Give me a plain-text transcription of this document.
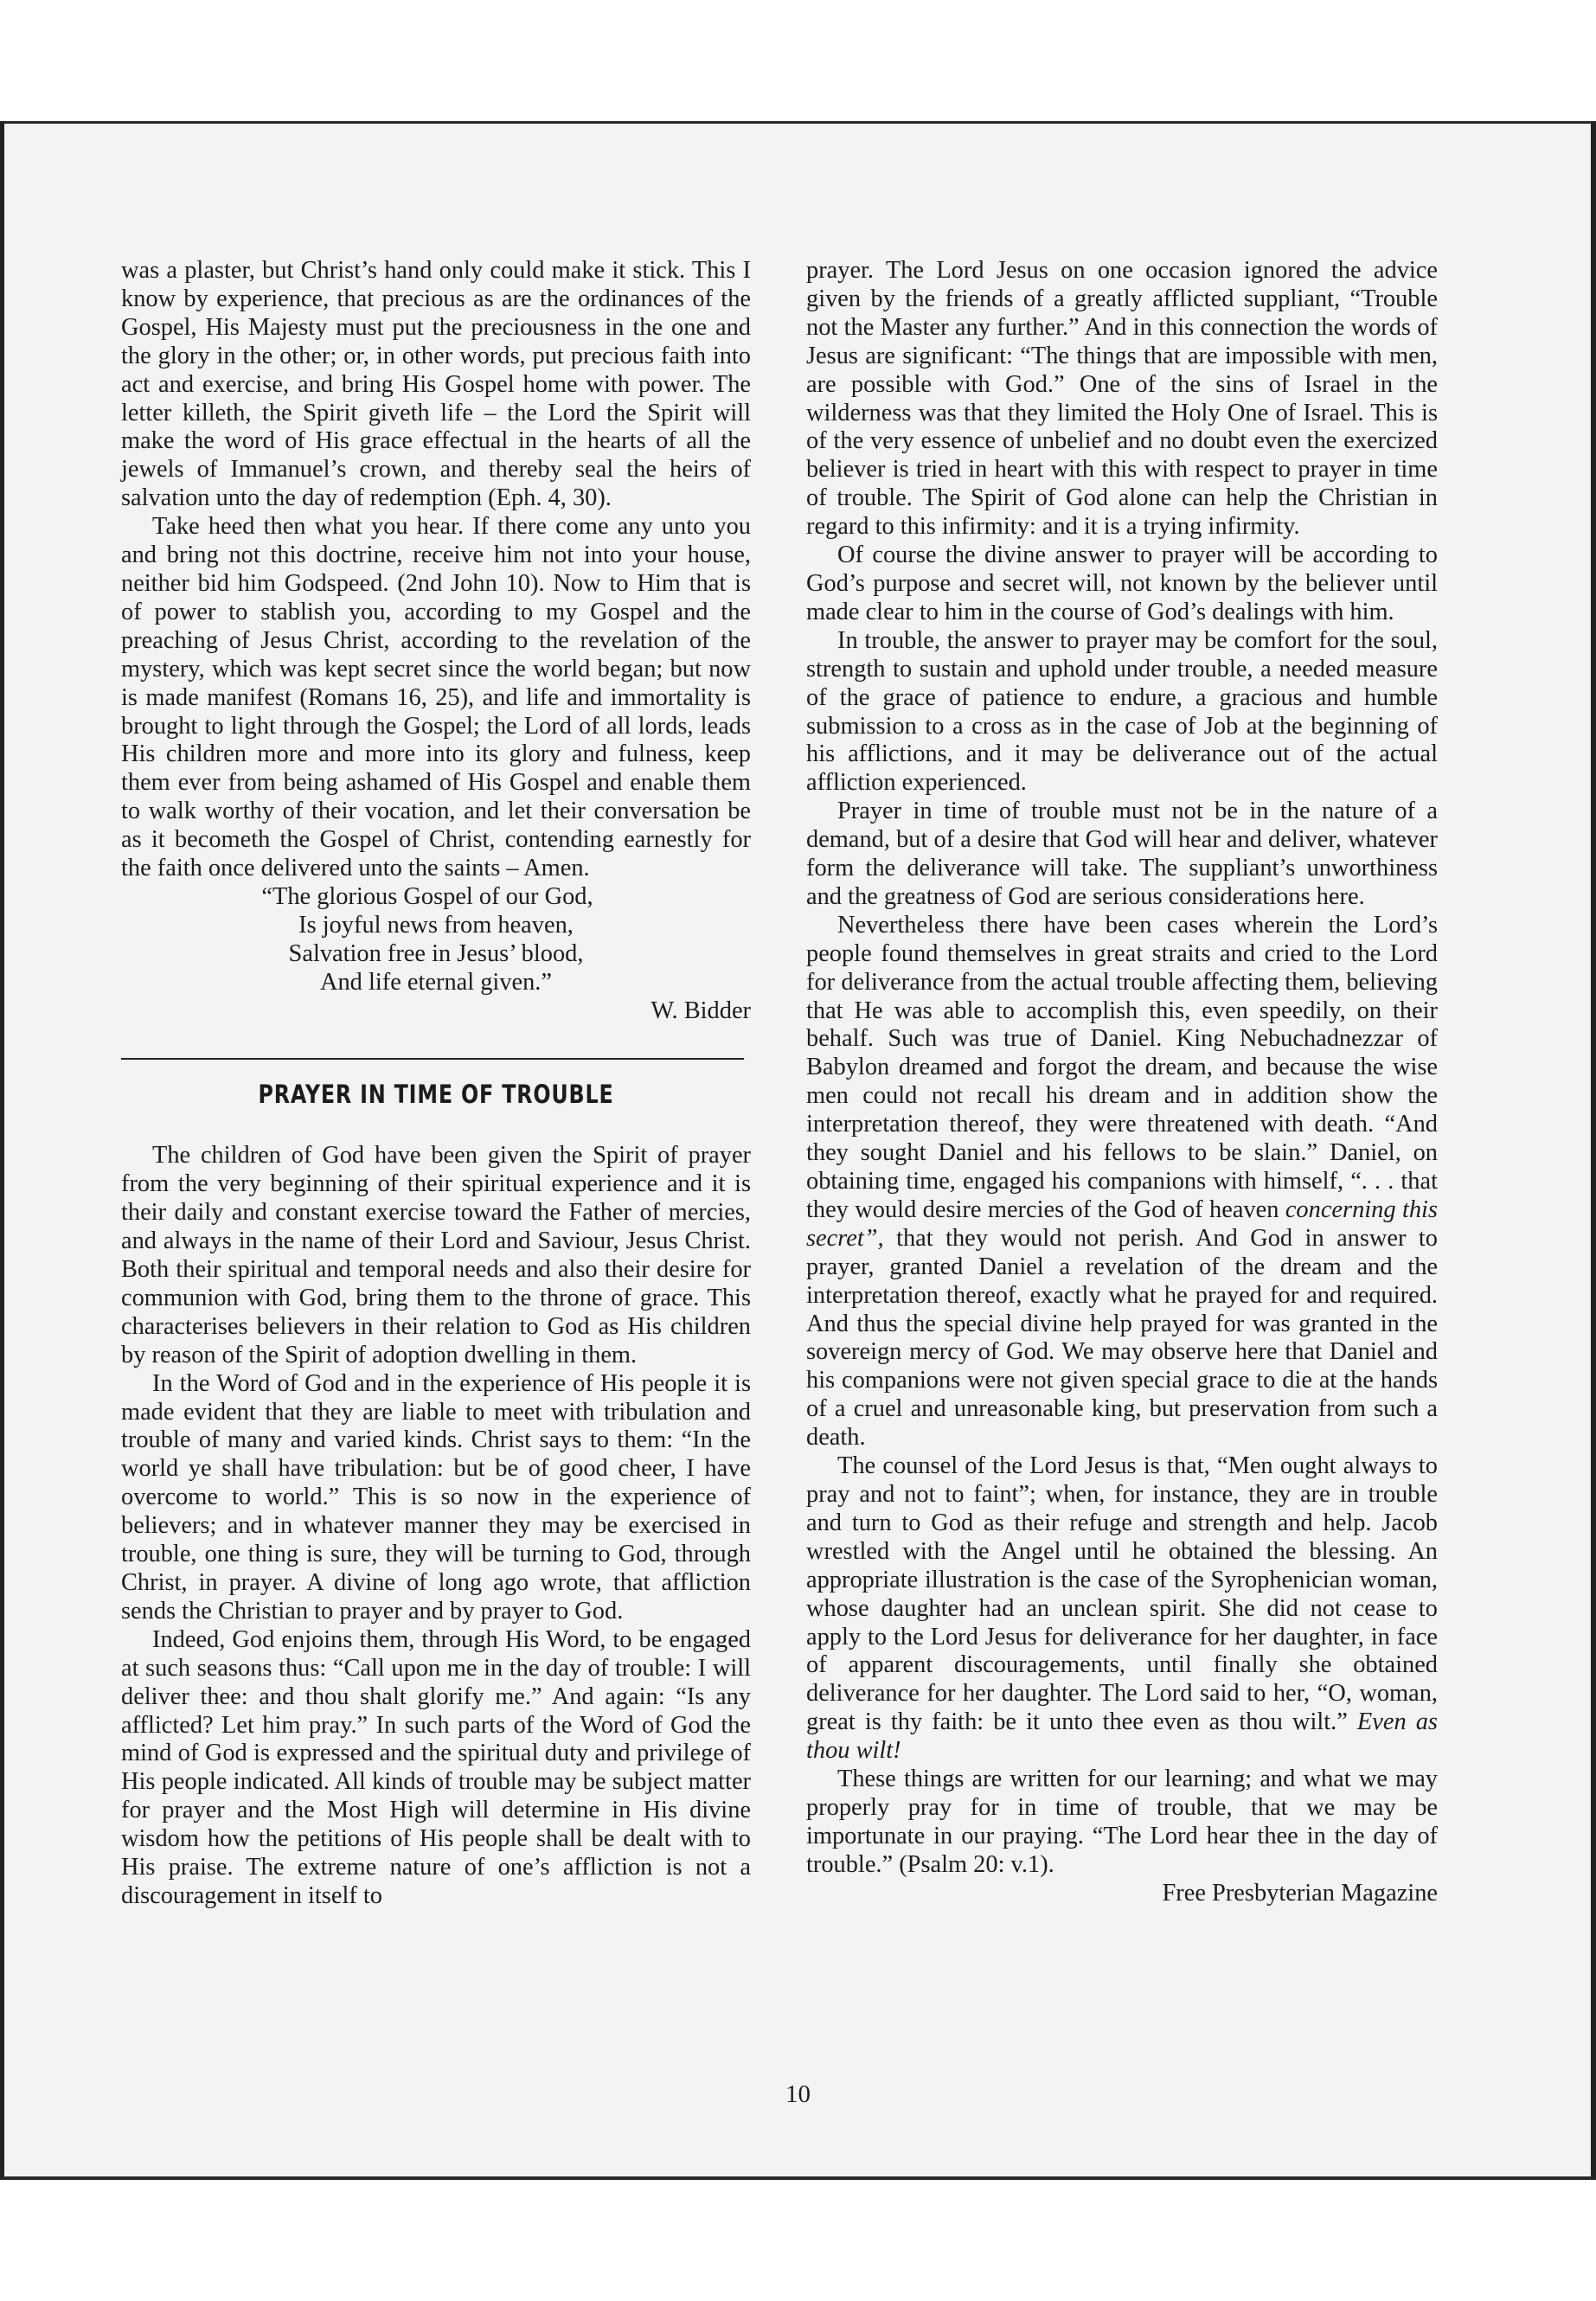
was a plaster, but Christ’s hand only could make it stick. This I know by experience, that precious as are the ordinances of the Gospel, His Majesty must put the preciousness in the one and the glory in the other; or, in other words, put precious faith into act and exercise, and bring His Gospel home with power. The letter killeth, the Spirit giveth life – the Lord the Spirit will make the word of His grace effectual in the hearts of all the jewels of Immanuel’s crown, and thereby seal the heirs of salvation unto the day of redemption (Eph. 4, 30).

Take heed then what you hear. If there come any unto you and bring not this doctrine, receive him not into your house, neither bid him Godspeed. (2nd John 10). Now to Him that is of power to stablish you, according to my Gospel and the preaching of Jesus Christ, according to the revelation of the mystery, which was kept secret since the world began; but now is made manifest (Romans 16, 25), and life and immortality is brought to light through the Gospel; the Lord of all lords, leads His children more and more into its glory and fulness, keep them ever from being ashamed of His Gospel and enable them to walk worthy of their vocation, and let their conversation be as it becometh the Gospel of Christ, contending earnestly for the faith once delivered unto the saints – Amen.

“The glorious Gospel of our God,
Is joyful news from heaven,
Salvation free in Jesus’ blood,
And life eternal given.”

W. Bidder

PRAYER IN TIME OF TROUBLE

The children of God have been given the Spirit of prayer from the very beginning of their spiritual experience and it is their daily and constant exercise toward the Father of mercies, and always in the name of their Lord and Saviour, Jesus Christ. Both their spiritual and temporal needs and also their desire for communion with God, bring them to the throne of grace. This characterises believers in their relation to God as His children by reason of the Spirit of adoption dwelling in them.

In the Word of God and in the experience of His people it is made evident that they are liable to meet with tribulation and trouble of many and varied kinds. Christ says to them: “In the world ye shall have tribulation: but be of good cheer, I have overcome to world.” This is so now in the experience of believers; and in whatever manner they may be exercised in trouble, one thing is sure, they will be turning to God, through Christ, in prayer. A divine of long ago wrote, that affliction sends the Christian to prayer and by prayer to God.

Indeed, God enjoins them, through His Word, to be engaged at such seasons thus: “Call upon me in the day of trouble: I will deliver thee: and thou shalt glorify me.” And again: “Is any afflicted? Let him pray.” In such parts of the Word of God the mind of God is expressed and the spiritual duty and privilege of His people indicated. All kinds of trouble may be subject matter for prayer and the Most High will determine in His divine wisdom how the petitions of His people shall be dealt with to His praise. The extreme nature of one’s affliction is not a discouragement in itself to

prayer. The Lord Jesus on one occasion ignored the advice given by the friends of a greatly afflicted suppliant, “Trouble not the Master any further.” And in this connection the words of Jesus are significant: “The things that are impossible with men, are possible with God.” One of the sins of Israel in the wilderness was that they limited the Holy One of Israel. This is of the very essence of unbelief and no doubt even the exercized believer is tried in heart with this with respect to prayer in time of trouble. The Spirit of God alone can help the Christian in regard to this infirmity: and it is a trying infirmity.

Of course the divine answer to prayer will be according to God’s purpose and secret will, not known by the believer until made clear to him in the course of God’s dealings with him.

In trouble, the answer to prayer may be comfort for the soul, strength to sustain and uphold under trouble, a needed measure of the grace of patience to endure, a gracious and humble submission to a cross as in the case of Job at the beginning of his afflictions, and it may be deliverance out of the actual affliction experienced.

Prayer in time of trouble must not be in the nature of a demand, but of a desire that God will hear and deliver, whatever form the deliverance will take. The suppliant’s unworthiness and the greatness of God are serious considerations here.

Nevertheless there have been cases wherein the Lord’s people found themselves in great straits and cried to the Lord for deliverance from the actual trouble affecting them, believing that He was able to accomplish this, even speedily, on their behalf. Such was true of Daniel. King Nebuchadnezzar of Babylon dreamed and forgot the dream, and because the wise men could not recall his dream and in addition show the interpretation thereof, they were threatened with death. “And they sought Daniel and his fellows to be slain.” Daniel, on obtaining time, engaged his companions with himself, “. . . that they would desire mercies of the God of heaven concerning this secret”, that they would not perish. And God in answer to prayer, granted Daniel a revelation of the dream and the interpretation thereof, exactly what he prayed for and required. And thus the special divine help prayed for was granted in the sovereign mercy of God. We may observe here that Daniel and his companions were not given special grace to die at the hands of a cruel and unreasonable king, but preservation from such a death.

The counsel of the Lord Jesus is that, “Men ought always to pray and not to faint”; when, for instance, they are in trouble and turn to God as their refuge and strength and help. Jacob wrestled with the Angel until he obtained the blessing. An appropriate illustration is the case of the Syrophenician woman, whose daughter had an unclean spirit. She did not cease to apply to the Lord Jesus for deliverance for her daughter, in face of apparent discouragements, until finally she obtained deliverance for her daughter. The Lord said to her, “O, woman, great is thy faith: be it unto thee even as thou wilt.” Even as thou wilt!

These things are written for our learning; and what we may properly pray for in time of trouble, that we may be importunate in our praying. “The Lord hear thee in the day of trouble.” (Psalm 20: v.1).

Free Presbyterian Magazine

10
